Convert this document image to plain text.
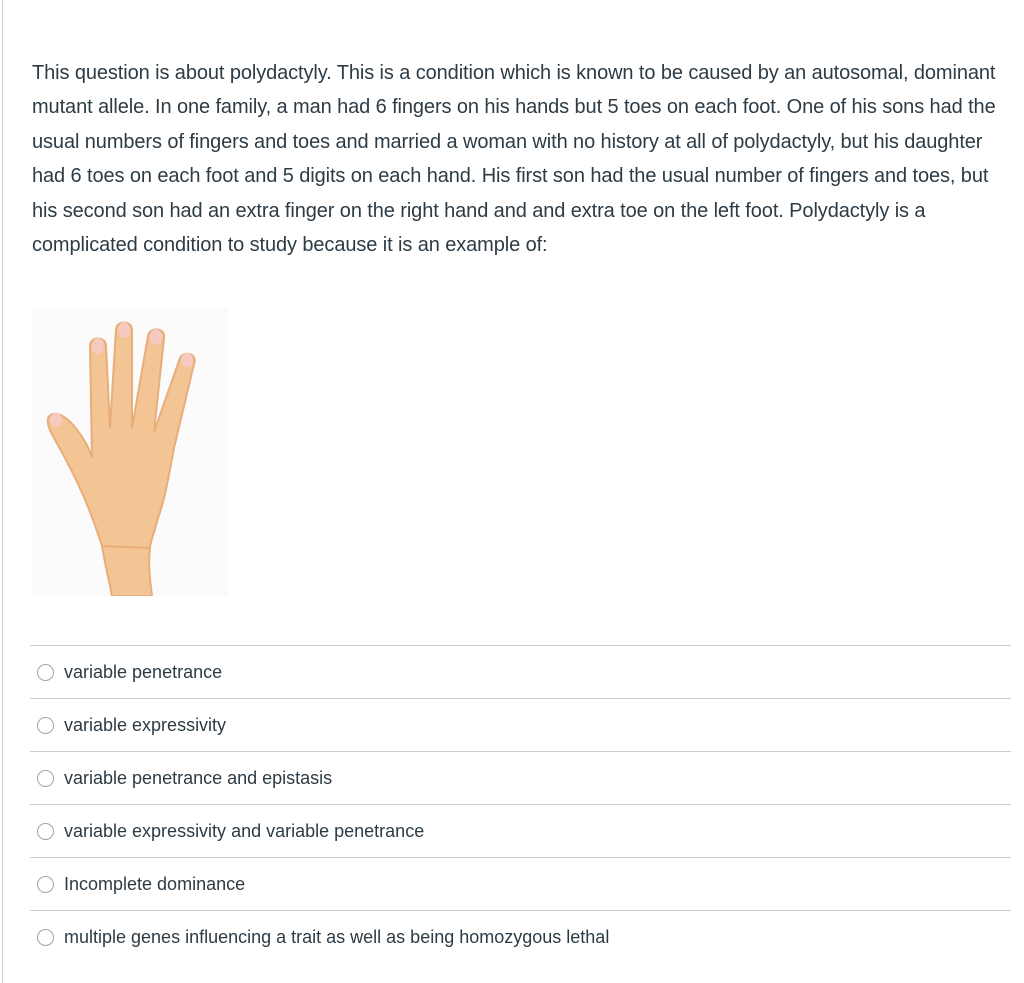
This question is about polydactyly. This is a condition which is known to be caused by an autosomal, dominant mutant allele. In one family, a man had 6 fingers on his hands but 5 toes on each foot. One of his sons had the usual numbers of fingers and toes and married a woman with no history at all of polydactyly, but his daughter had 6 toes on each foot and 5 digits on each hand. His first son had the usual number of fingers and toes, but his second son had an extra finger on the right hand and and extra toe on the left foot. Polydactyly is a complicated condition to study because it is an example of:

variable penetrance
variable expressivity
variable penetrance and epistasis
variable expressivity and variable penetrance
Incomplete dominance
multiple genes influencing a trait as well as being homozygous lethal
